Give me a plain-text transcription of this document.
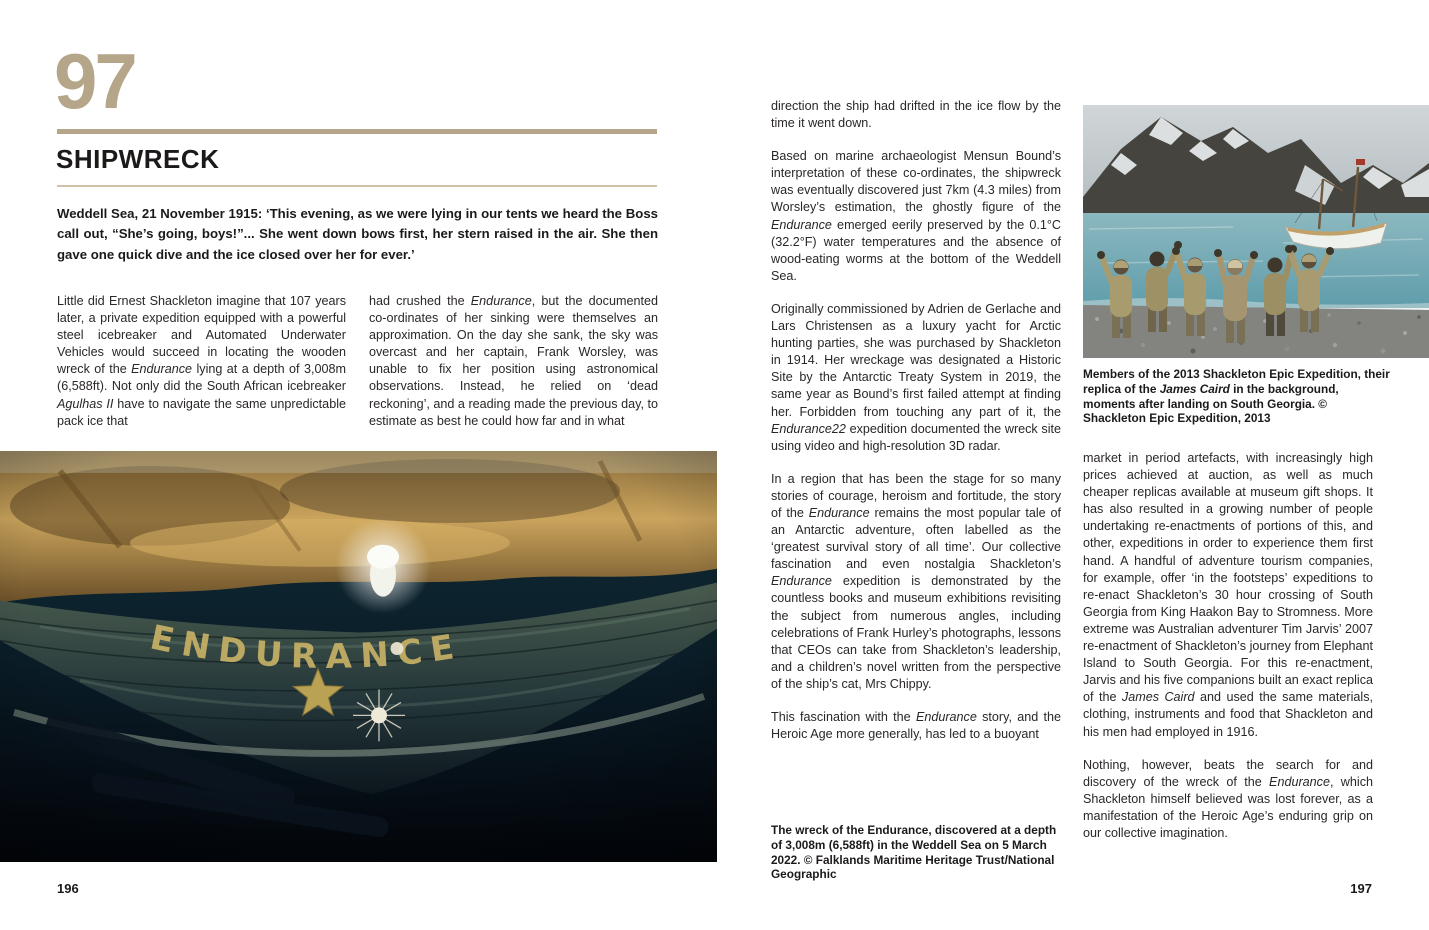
97
SHIPWRECK

Weddell Sea, 21 November 1915: ‘This evening, as we were lying in our tents we heard the Boss call out, “She’s going, boys!”... She went down bows first, her stern raised in the air. She then gave one quick dive and the ice closed over her for ever.’

Little did Ernest Shackleton imagine that 107 years later, a private expedition equipped with a powerful steel icebreaker and Automated Underwater Vehicles would succeed in locating the wooden wreck of the Endurance lying at a depth of 3,008m (6,588ft). Not only did the South African icebreaker Agulhas II have to navigate the same unpredictable pack ice that

had crushed the Endurance, but the documented co-ordinates of her sinking were themselves an approximation. On the day she sank, the sky was overcast and her captain, Frank Worsley, was unable to fix her position using astronomical observations. Instead, he relied on ‘dead reckoning’, and a reading made the previous day, to estimate as best he could how far and in what

196

direction the ship had drifted in the ice flow by the time it went down.

Based on marine archaeologist Mensun Bound’s interpretation of these co-ordinates, the shipwreck was eventually discovered just 7km (4.3 miles) from Worsley’s estimation, the ghostly figure of the Endurance emerged eerily preserved by the 0.1°C (32.2°F) water temperatures and the absence of wood-eating worms at the bottom of the Weddell Sea.

Originally commissioned by Adrien de Gerlache and Lars Christensen as a luxury yacht for Arctic hunting parties, she was purchased by Shackleton in 1914. Her wreckage was designated a Historic Site by the Antarctic Treaty System in 2019, the same year as Bound’s first failed attempt at finding her. Forbidden from touching any part of it, the Endurance22 expedition documented the wreck site using video and high-resolution 3D radar.

In a region that has been the stage for so many stories of courage, heroism and fortitude, the story of the Endurance remains the most popular tale of an Antarctic adventure, often labelled as the ‘greatest survival story of all time’. Our collective fascination and even nostalgia Shackleton’s Endurance expedition is demonstrated by the countless books and museum exhibitions revisiting the subject from numerous angles, including celebrations of Frank Hurley’s photographs, lessons that CEOs can take from Shackleton’s leadership, and a children’s novel written from the perspective of the ship’s cat, Mrs Chippy.

This fascination with the Endurance story, and the Heroic Age more generally, has led to a buoyant

The wreck of the Endurance, discovered at a depth of 3,008m (6,588ft) in the Weddell Sea on 5 March 2022. © Falklands Maritime Heritage Trust/National Geographic

Members of the 2013 Shackleton Epic Expedition, their replica of the James Caird in the background, moments after landing on South Georgia. © Shackleton Epic Expedition, 2013

market in period artefacts, with increasingly high prices achieved at auction, as well as much cheaper replicas available at museum gift shops. It has also resulted in a growing number of people undertaking re-enactments of portions of this, and other, expeditions in order to experience them first hand. A handful of adventure tourism companies, for example, offer ‘in the footsteps’ expeditions to re-enact Shackleton’s 30 hour crossing of South Georgia from King Haakon Bay to Stromness. More extreme was Australian adventurer Tim Jarvis’ 2007 re-enactment of Shackleton’s journey from Elephant Island to South Georgia. For this re-enactment, Jarvis and his five companions built an exact replica of the James Caird and used the same materials, clothing, instruments and food that Shackleton and his men had employed in 1916.

Nothing, however, beats the search for and discovery of the wreck of the Endurance, which Shackleton himself believed was lost forever, as a manifestation of the Heroic Age’s enduring grip on our collective imagination.

197
